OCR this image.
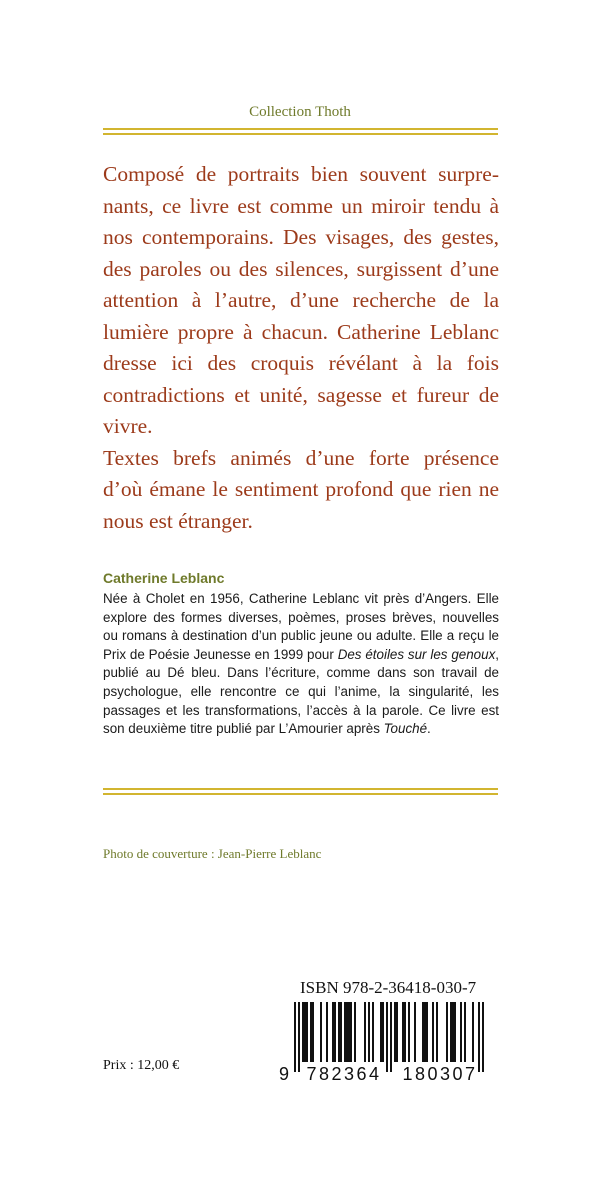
Collection Thoth

Composé de portraits bien souvent surpre-nants, ce livre est comme un miroir tendu à nos contemporains. Des visages, des gestes, des paroles ou des silences, surgissent d’une attention à l’autre, d’une recherche de la lumière propre à chacun. Catherine Leblanc dresse ici des croquis révélant à la fois contradictions et unité, sagesse et fureur de vivre.

Textes brefs animés d’une forte présence d’où émane le sentiment profond que rien ne nous est étranger.

Catherine Leblanc

Née à Cholet en 1956, Catherine Leblanc vit près d’Angers. Elle explore des formes diverses, poèmes, proses brèves, nouvelles ou romans à destination d’un public jeune ou adulte. Elle a reçu le Prix de Poésie Jeunesse en 1999 pour Des étoiles sur les genoux, publié au Dé bleu. Dans l’écriture, comme dans son travail de psychologue, elle rencontre ce qui l’anime, la singularité, les passages et les transformations, l’accès à la parole. Ce livre est son deuxième titre publié par L’Amourier après Touché.

Photo de couverture : Jean-Pierre Leblanc
ISBN 978-2-36418-030-7
9 782364 180307
Prix : 12,00 €
